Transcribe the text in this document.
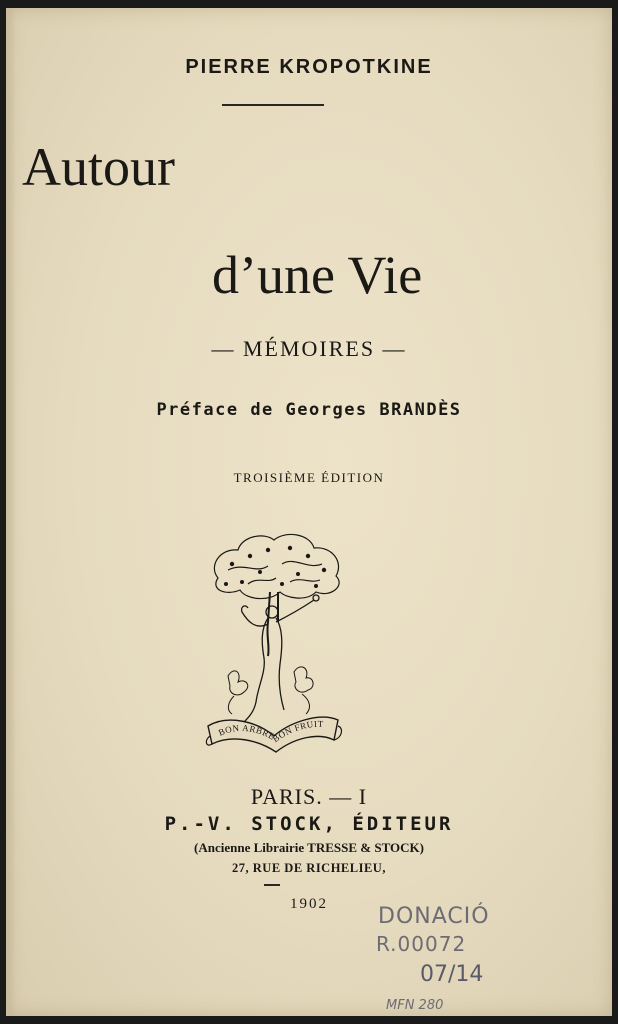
PIERRE KROPOTKINE
Autour
d’une Vie
— MÉMOIRES —
Préface de Georges BRANDÈS
TROISIÈME ÉDITION
BON ARBRE BON FRUIT
PARIS. — I
P.-V. STOCK, ÉDITEUR
(Ancienne Librairie TRESSE & STOCK)
27, RUE DE RICHELIEU,
1902	DONACIÓ
R.00072
07/14
MFN 280
